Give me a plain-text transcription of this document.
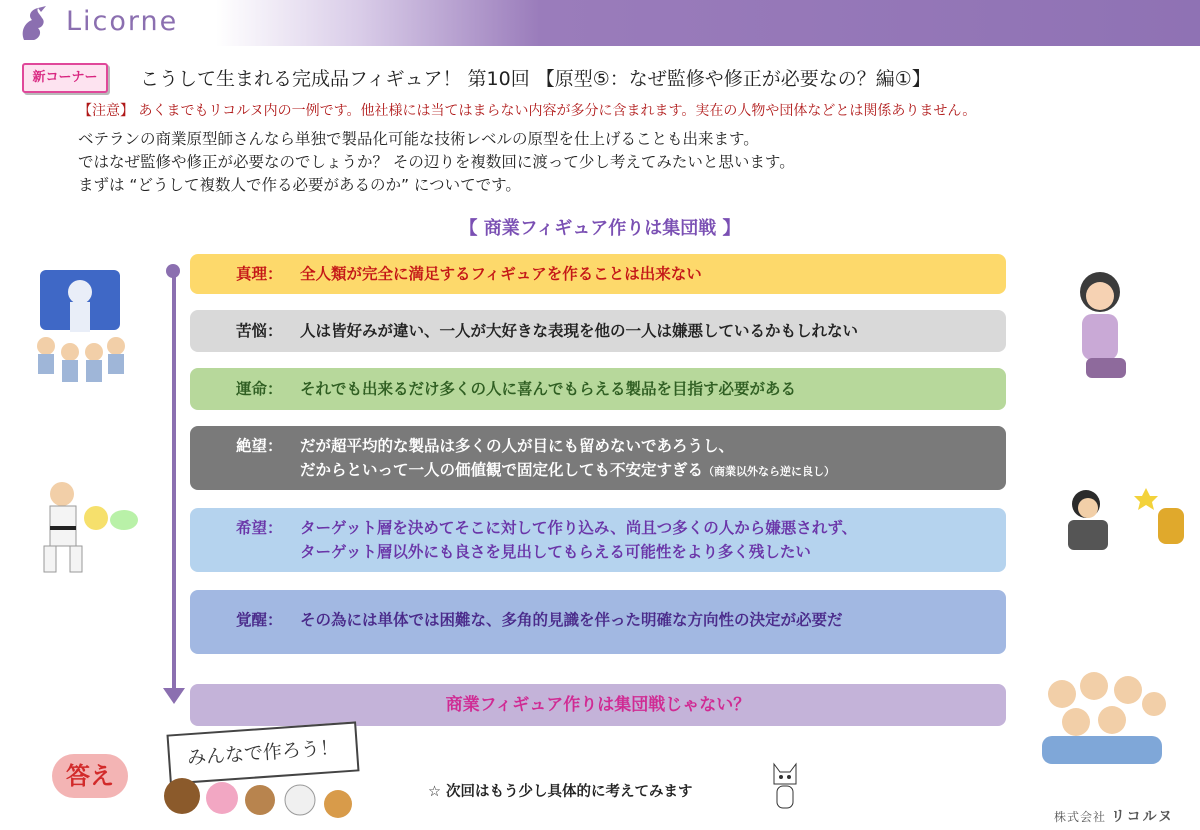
Licorne
新コーナー	こうして生まれる完成品フィギュア！ 第10回 【原型⑤：なぜ監修や修正が必要なの？編①】
【注意】 あくまでもリコルヌ内の一例です。他社様には当てはまらない内容が多分に含まれます。実在の人物や団体などとは関係ありません。
ベテランの商業原型師さんなら単独で製品化可能な技術レベルの原型を仕上げることも出来ます。
ではなぜ監修や修正が必要なのでしょうか？ その辺りを複数回に渡って少し考えてみたいと思います。
まずは “どうして複数人で作る必要があるのか” についてです。
【 商業フィギュア作りは集団戦 】
真理：	全人類が完全に満足するフィギュアを作ることは出来ない
苦悩：	人は皆好みが違い、一人が大好きな表現を他の一人は嫌悪しているかもしれない
運命：	それでも出来るだけ多くの人に喜んでもらえる製品を目指す必要がある
絶望：	だが超平均的な製品は多くの人が目にも留めないであろうし、
だからといって一人の価値観で固定化しても不安定すぎる（商業以外なら逆に良し）
希望：	ターゲット層を決めてそこに対して作り込み、尚且つ多くの人から嫌悪されず、
ターゲット層以外にも良さを見出してもらえる可能性をより多く残したい
覚醒：	その為には単体では困難な、多角的見識を伴った明確な方向性の決定が必要だ
商業フィギュア作りは集団戦じゃない？
答え
みんなで作ろう！
☆ 次回はもう少し具体的に考えてみます
株式会社 リコルヌ
